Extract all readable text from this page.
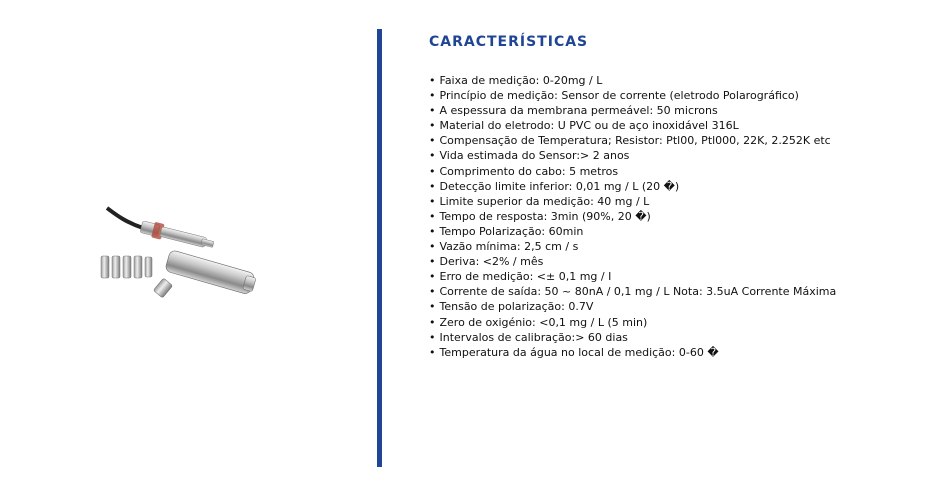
CARACTERÍSTICAS
• Faixa de medição: 0-20mg / L
• Princípio de medição: Sensor de corrente (eletrodo Polarográfico)
• A espessura da membrana permeável: 50 microns
• Material do eletrodo: U PVC ou de aço inoxidável 316L
• Compensação de Temperatura; Resistor: Ptl00, Ptl000, 22K, 2.252K etc
• Vida estimada do Sensor:> 2 anos
• Comprimento do cabo: 5 metros
• Detecção limite inferior: 0,01 mg / L (20 �)
• Limite superior da medição: 40 mg / L
• Tempo de resposta: 3min (90%, 20 �)
• Tempo Polarização: 60min
• Vazão mínima: 2,5 cm / s
• Deriva: <2% / mês
• Erro de medição: <± 0,1 mg / I
• Corrente de saída: 50 ~ 80nA / 0,1 mg / L Nota: 3.5uA Corrente Máxima
• Tensão de polarização: 0.7V
• Zero de oxigénio: <0,1 mg / L (5 min)
• Intervalos de calibração:> 60 dias
• Temperatura da água no local de medição: 0-60 �
